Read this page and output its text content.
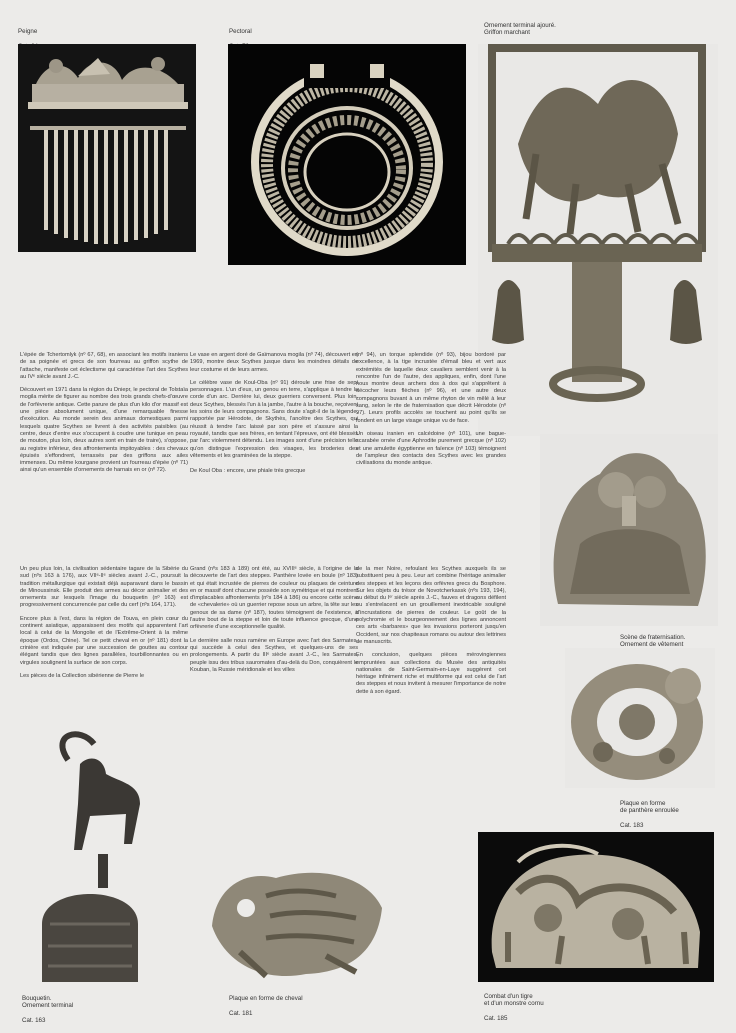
Peigne	Pectoral

Ornement terminal ajouré.
Griffon marchant

Scène de fraternisation.
Ornement de vêtement

Plaque en forme
de panthère enroulée

Cat. 183

Bouquetin.
Ornement terminal

Cat. 163

Plaque en forme de cheval

Cat. 181

Combat d'un tigre
et d'un monstre cornu

Cat. 185

L'épée de Tchertomlyk (nº 67, 68), en associant les motifs iraniens de sa poignée et grecs de son fourreau au griffon scythe de l'attache, manifeste cet éclectisme qui caractérise l'art des Scythes au IVᵉ siècle avant J.-C.

Découvert en 1971 dans la région du Dniepr, le pectoral de Tolstaïa mogila mérite de figurer au nombre des trois grands chefs-d'œuvre de l'orfèvrerie antique. Cette parure de plus d'un kilo d'or massif est une pièce absolument unique, d'une remarquable finesse d'exécution. Au monde serein des animaux domestiques parmi lesquels quatre Scythes se livrent à des activités paisibles (au centre, deux d'entre eux s'occupent à coudre une tunique en peau de mouton, plus loin, deux autres sont en train de traire), s'oppose, au registre inférieur, des affrontements impitoyables : des chevaux épuisés s'effondrent, terrassés par des griffons aux ailes immenses. Du même kourgane provient un fourreau d'épée (nº 71) ainsi qu'un ensemble d'ornements de harnais en or (nº 72).

Le vase en argent doré de Gaïmanova mogila (nº 74), découvert en 1969, montre deux Scythes jusque dans les moindres détails de leur costume et de leurs armes.

Le célèbre vase de Koul-Oba (nº 91) déroule une frise de sept personnages. L'un d'eux, un genou en terre, s'applique à tendre la corde d'un arc. Derrière lui, deux guerriers conversent. Plus loin, deux Scythes, blessés l'un à la jambe, l'autre à la bouche, reçoivent les soins de leurs compagnons. Sans doute s'agit-il de la légende, rapportée par Hérodote, de Skythès, l'ancêtre des Scythes, qui réussit à tendre l'arc laissé par son père et s'assure ainsi la royauté, tandis que ses frères, en tentant l'épreuve, ont été blessés par l'arc violemment détendu. Les images sont d'une précision telle qu'on distingue l'expression des visages, les broderies des vêtements et les graminées de la steppe.

De Koul Oba : encore, une phiale très grecque

(nº 94), un torque splendide (nº 93), bijou bordoré par excellence, à la tige incrustée d'émail bleu et vert aux extrémités de laquelle deux cavaliers semblent venir à la rencontre l'un de l'autre, des appliques, enfin, dont l'une nous montre deux archers dos à dos qui s'apprêtent à décocher leurs flèches (nº 96), et une autre deux compagnons buvant à un même rhyton de vin mêlé à leur sang, selon le rite de fraternisation que décrit Hérodote (nº 97). Leurs profils accolés se touchent au point qu'ils se fondent en un large visage unique vu de face.

Un oiseau iranien en calcédoine (nº 101), une bague-scarabée ornée d'une Aphrodite purement grecque (nº 102) et une amulette égyptienne en faïence (nº 103) témoignent de l'ampleur des contacts des Scythes avec les grandes civilisations du monde antique.

Un peu plus loin, la civilisation sédentaire tagare de la Sibérie du sud (nºs 163 à 176), aux VIIᵉ-IIᵉ siècles avant J.-C., poursuit la tradition métallurgique qui existait déjà auparavant dans le bassin de Minoussinsk. Elle produit des armes au décor animalier et des ornements sur lesquels l'image du bouquetin (nº 163) est progressivement concurrencée par celle du cerf (nºs 164, 171).

Encore plus à l'est, dans la région de Touva, en plein cœur du continent asiatique, apparaissent des motifs qui apparentent l'art local à celui de la Mongolie et de l'Extrême-Orient à la même époque (Ordos, Chine). Tel ce petit cheval en or (nº 181) dont la crinière est indiquée par une succession de gouttes au contour élégant tandis que des lignes parallèles, tourbillonnantes ou en virgules soulignent la surface de son corps.

Les pièces de la Collection sibérienne de Pierre le

Grand (nºs 183 à 189) ont été, au XVIIIᵉ siècle, à l'origine de la découverte de l'art des steppes. Panthère lovée en boule (nº 183) et qui était incrustée de pierres de couleur ou plaques de ceinture en or massif dont chacune possède son symétrique et qui montrent d'implacables affrontements (nºs 184 à 186) ou encore cette scène de «chevalerie» où un guerrier repose sous un arbre, la tête sur les genoux de sa dame (nº 187), toutes témoignent de l'existence, à l'autre bout de la steppe et loin de toute influence grecque, d'une orfèvrerie d'une exceptionnelle qualité.

Le dernière salle nous ramène en Europe avec l'art des Sarmates, qui succède à celui des Scythes, et quelques-uns de ses prolongements. A partir du IIIᵉ siècle avant J.-C., les Sarmates, peuple issu des tribus sauromates d'au-delà du Don, conquièrent le Kouban, la Russie méridionale et les villes

de la mer Noire, refoulant les Scythes auxquels ils se substituent peu à peu. Leur art combine l'héritage animalier des steppes et les leçons des orfèvres grecs du Bosphore. Sur les objets du trésor de Novotcherkassk (nºs 193, 194), au début du Iᵉʳ siècle après J.-C., fauves et dragons défilent ou s'entrelacent en un grouillement inextricable souligné d'incrustations de pierres de couleur. Le goût de la polychromie et le bourgeonnement des lignes annoncent ces arts «barbares» que les invasions porteront jusqu'en Occident, sur nos chapiteaux romans ou autour des lettrines de manuscrits.

En conclusion, quelques pièces mérovingiennes empruntées aux collections du Musée des antiquités nationales de Saint-Germain-en-Laye suggèrent cet héritage infiniment riche et multiforme qui est celui de l'art des steppes et nous invitent à mesurer l'importance de notre dette à son égard.
